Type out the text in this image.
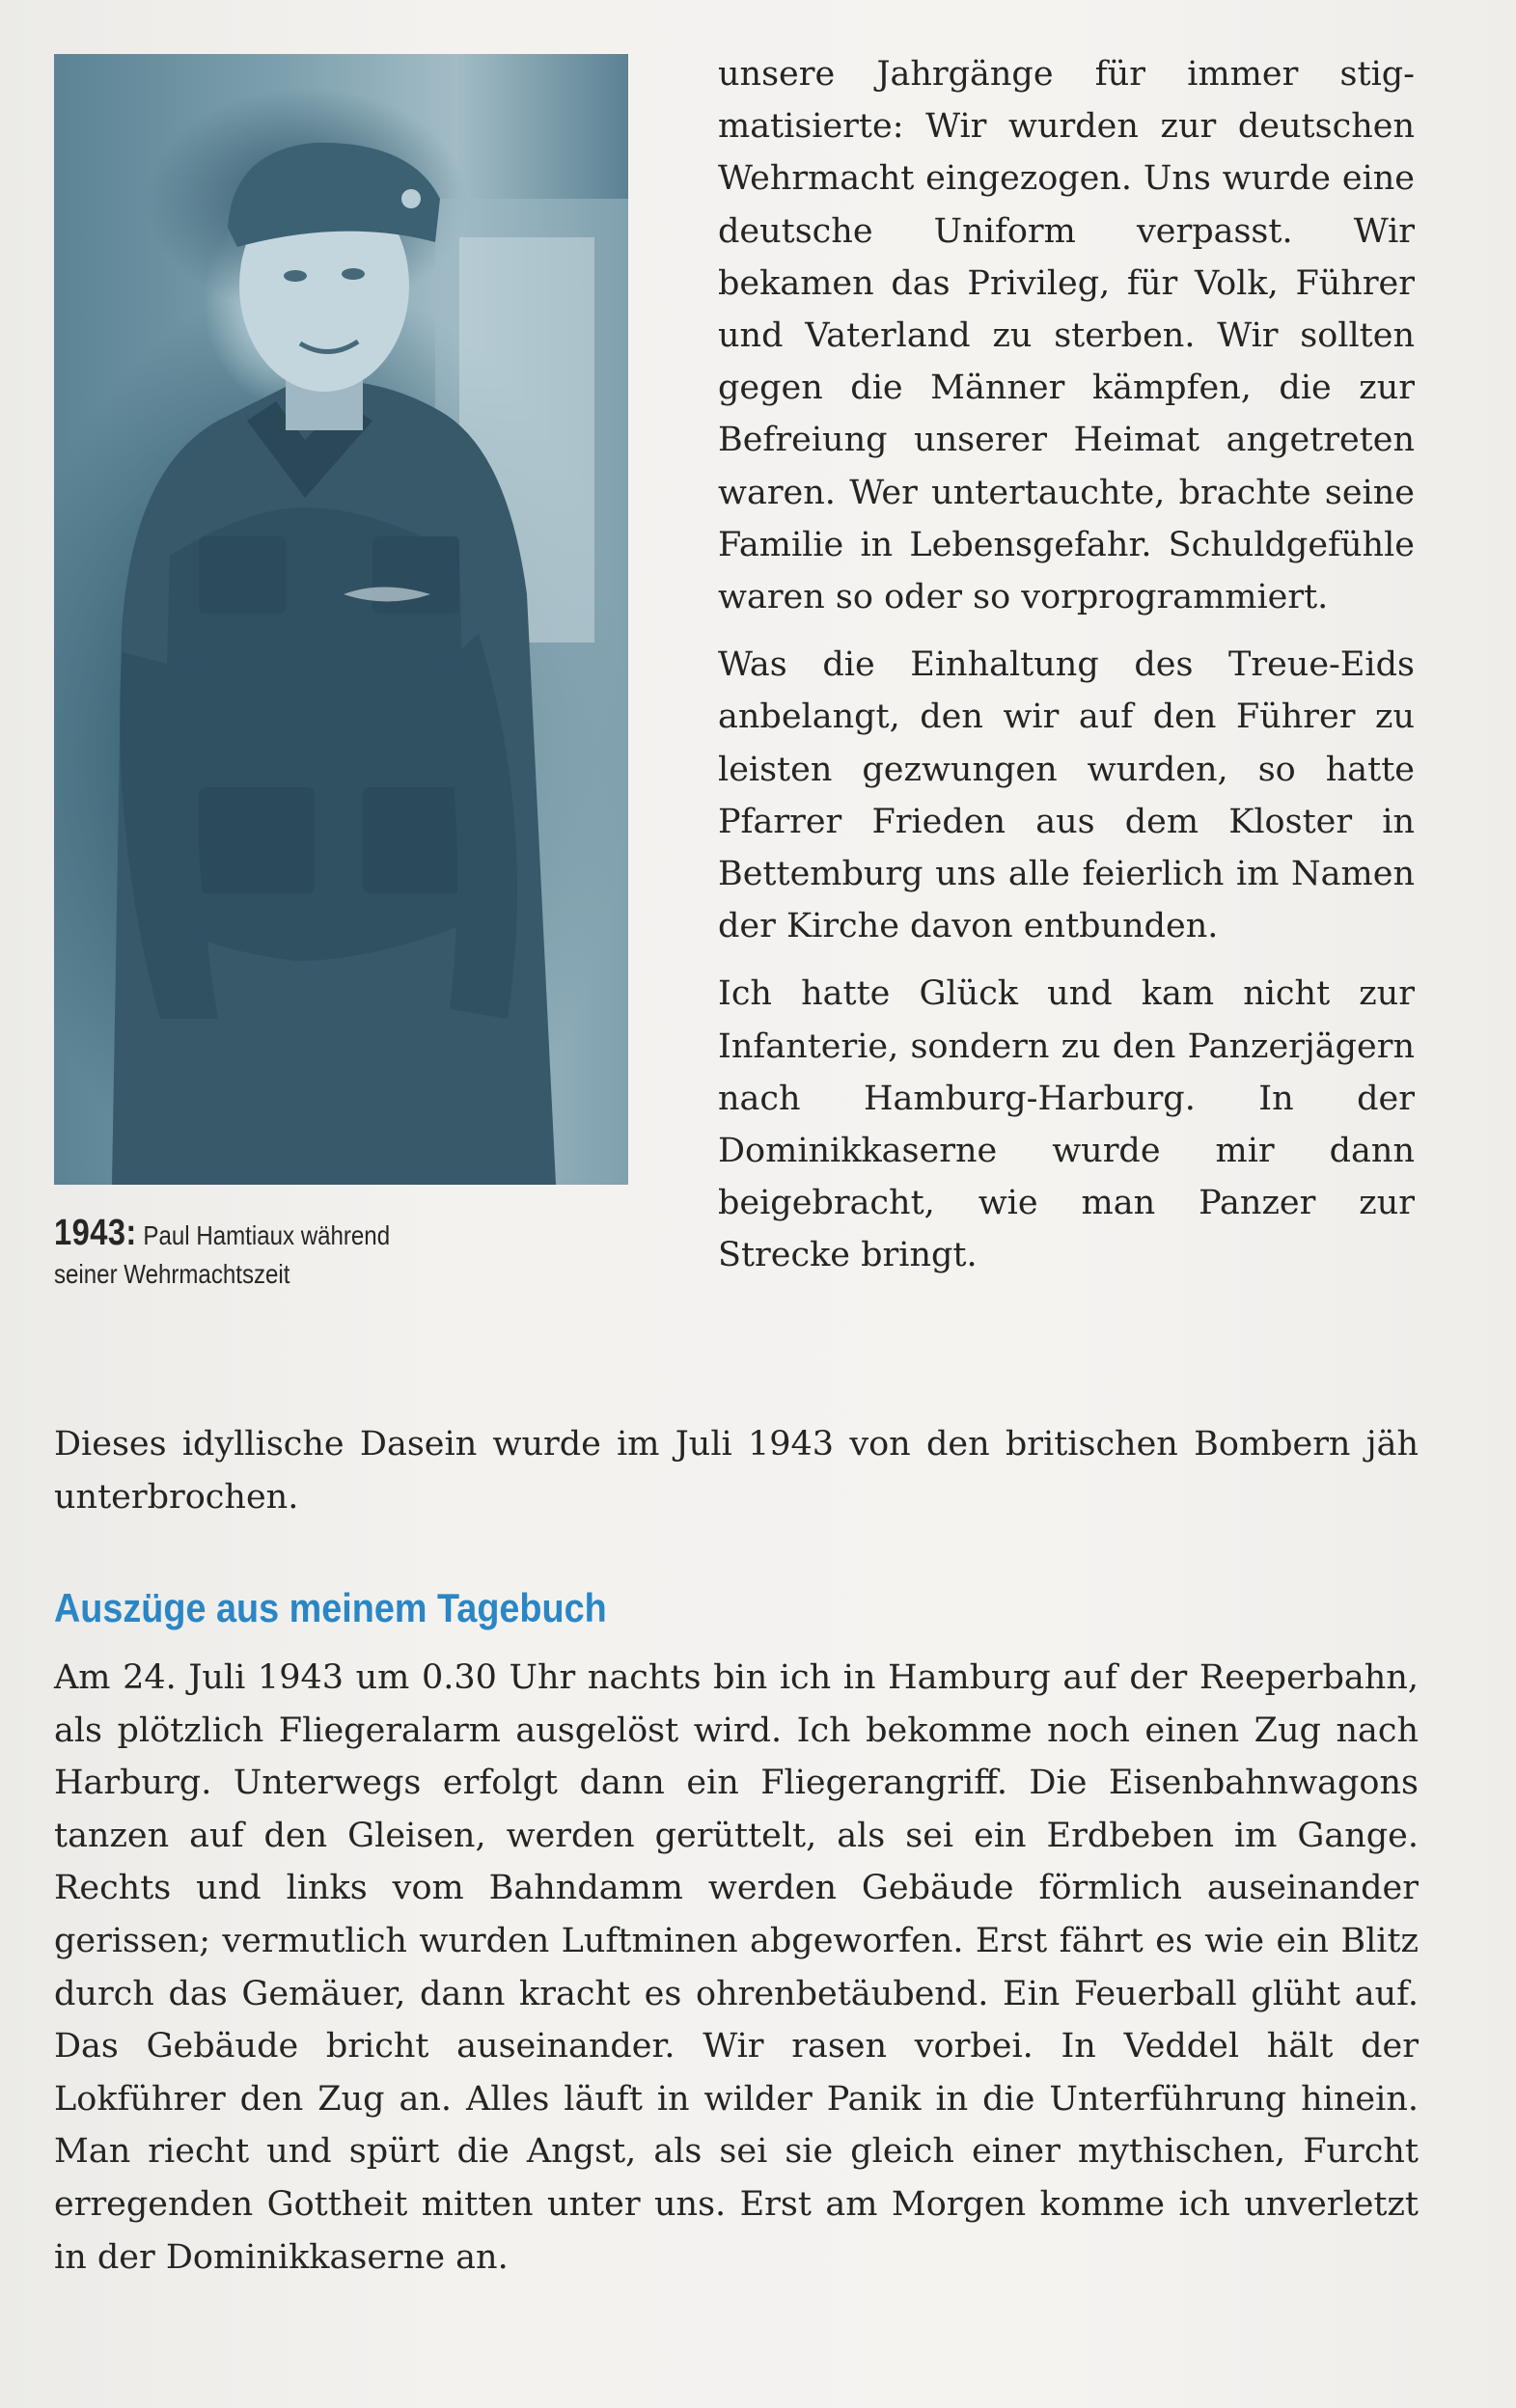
1943: Paul Hamtiaux während
seiner Wehrmachtszeit

unsere Jahrgänge für immer stigmatisierte: Wir wurden zur deutschen Wehrmacht eingezogen. Uns wurde eine deutsche Uniform verpasst. Wir bekamen das Privileg, für Volk, Führer und Vaterland zu sterben. Wir sollten gegen die Männer kämpfen, die zur Befreiung unserer Heimat angetreten waren. Wer untertauchte, brachte seine Familie in Lebensgefahr. Schuldgefühle waren so oder so vorprogrammiert.

Was die Einhaltung des Treue-Eids anbelangt, den wir auf den Führer zu leisten gezwungen wurden, so hatte Pfarrer Frieden aus dem Kloster in Bettemburg uns alle feierlich im Namen der Kirche davon entbunden.

Ich hatte Glück und kam nicht zur Infanterie, sondern zu den Panzerjägern nach Hamburg-Harburg. In der Dominikkaserne wurde mir dann beigebracht, wie man Panzer zur Strecke bringt.

Dieses idyllische Dasein wurde im Juli 1943 von den britischen Bombern jäh unterbrochen.

Auszüge aus meinem Tagebuch

Am 24. Juli 1943 um 0.30 Uhr nachts bin ich in Hamburg auf der Reeperbahn, als plötzlich Fliegeralarm ausgelöst wird. Ich bekomme noch einen Zug nach Harburg. Unterwegs erfolgt dann ein Fliegerangriff. Die Eisenbahnwagons tanzen auf den Gleisen, werden gerüttelt, als sei ein Erdbeben im Gange. Rechts und links vom Bahndamm werden Gebäude förmlich auseinander gerissen; vermutlich wurden Luftminen abgeworfen. Erst fährt es wie ein Blitz durch das Gemäuer, dann kracht es ohrenbetäubend. Ein Feuerball glüht auf. Das Gebäude bricht auseinander. Wir rasen vorbei. In Veddel hält der Lokführer den Zug an. Alles läuft in wilder Panik in die Unterführung hinein. Man riecht und spürt die Angst, als sei sie gleich einer mythischen, Furcht erregenden Gottheit mitten unter uns. Erst am Morgen komme ich unverletzt in der Dominikkaserne an.
